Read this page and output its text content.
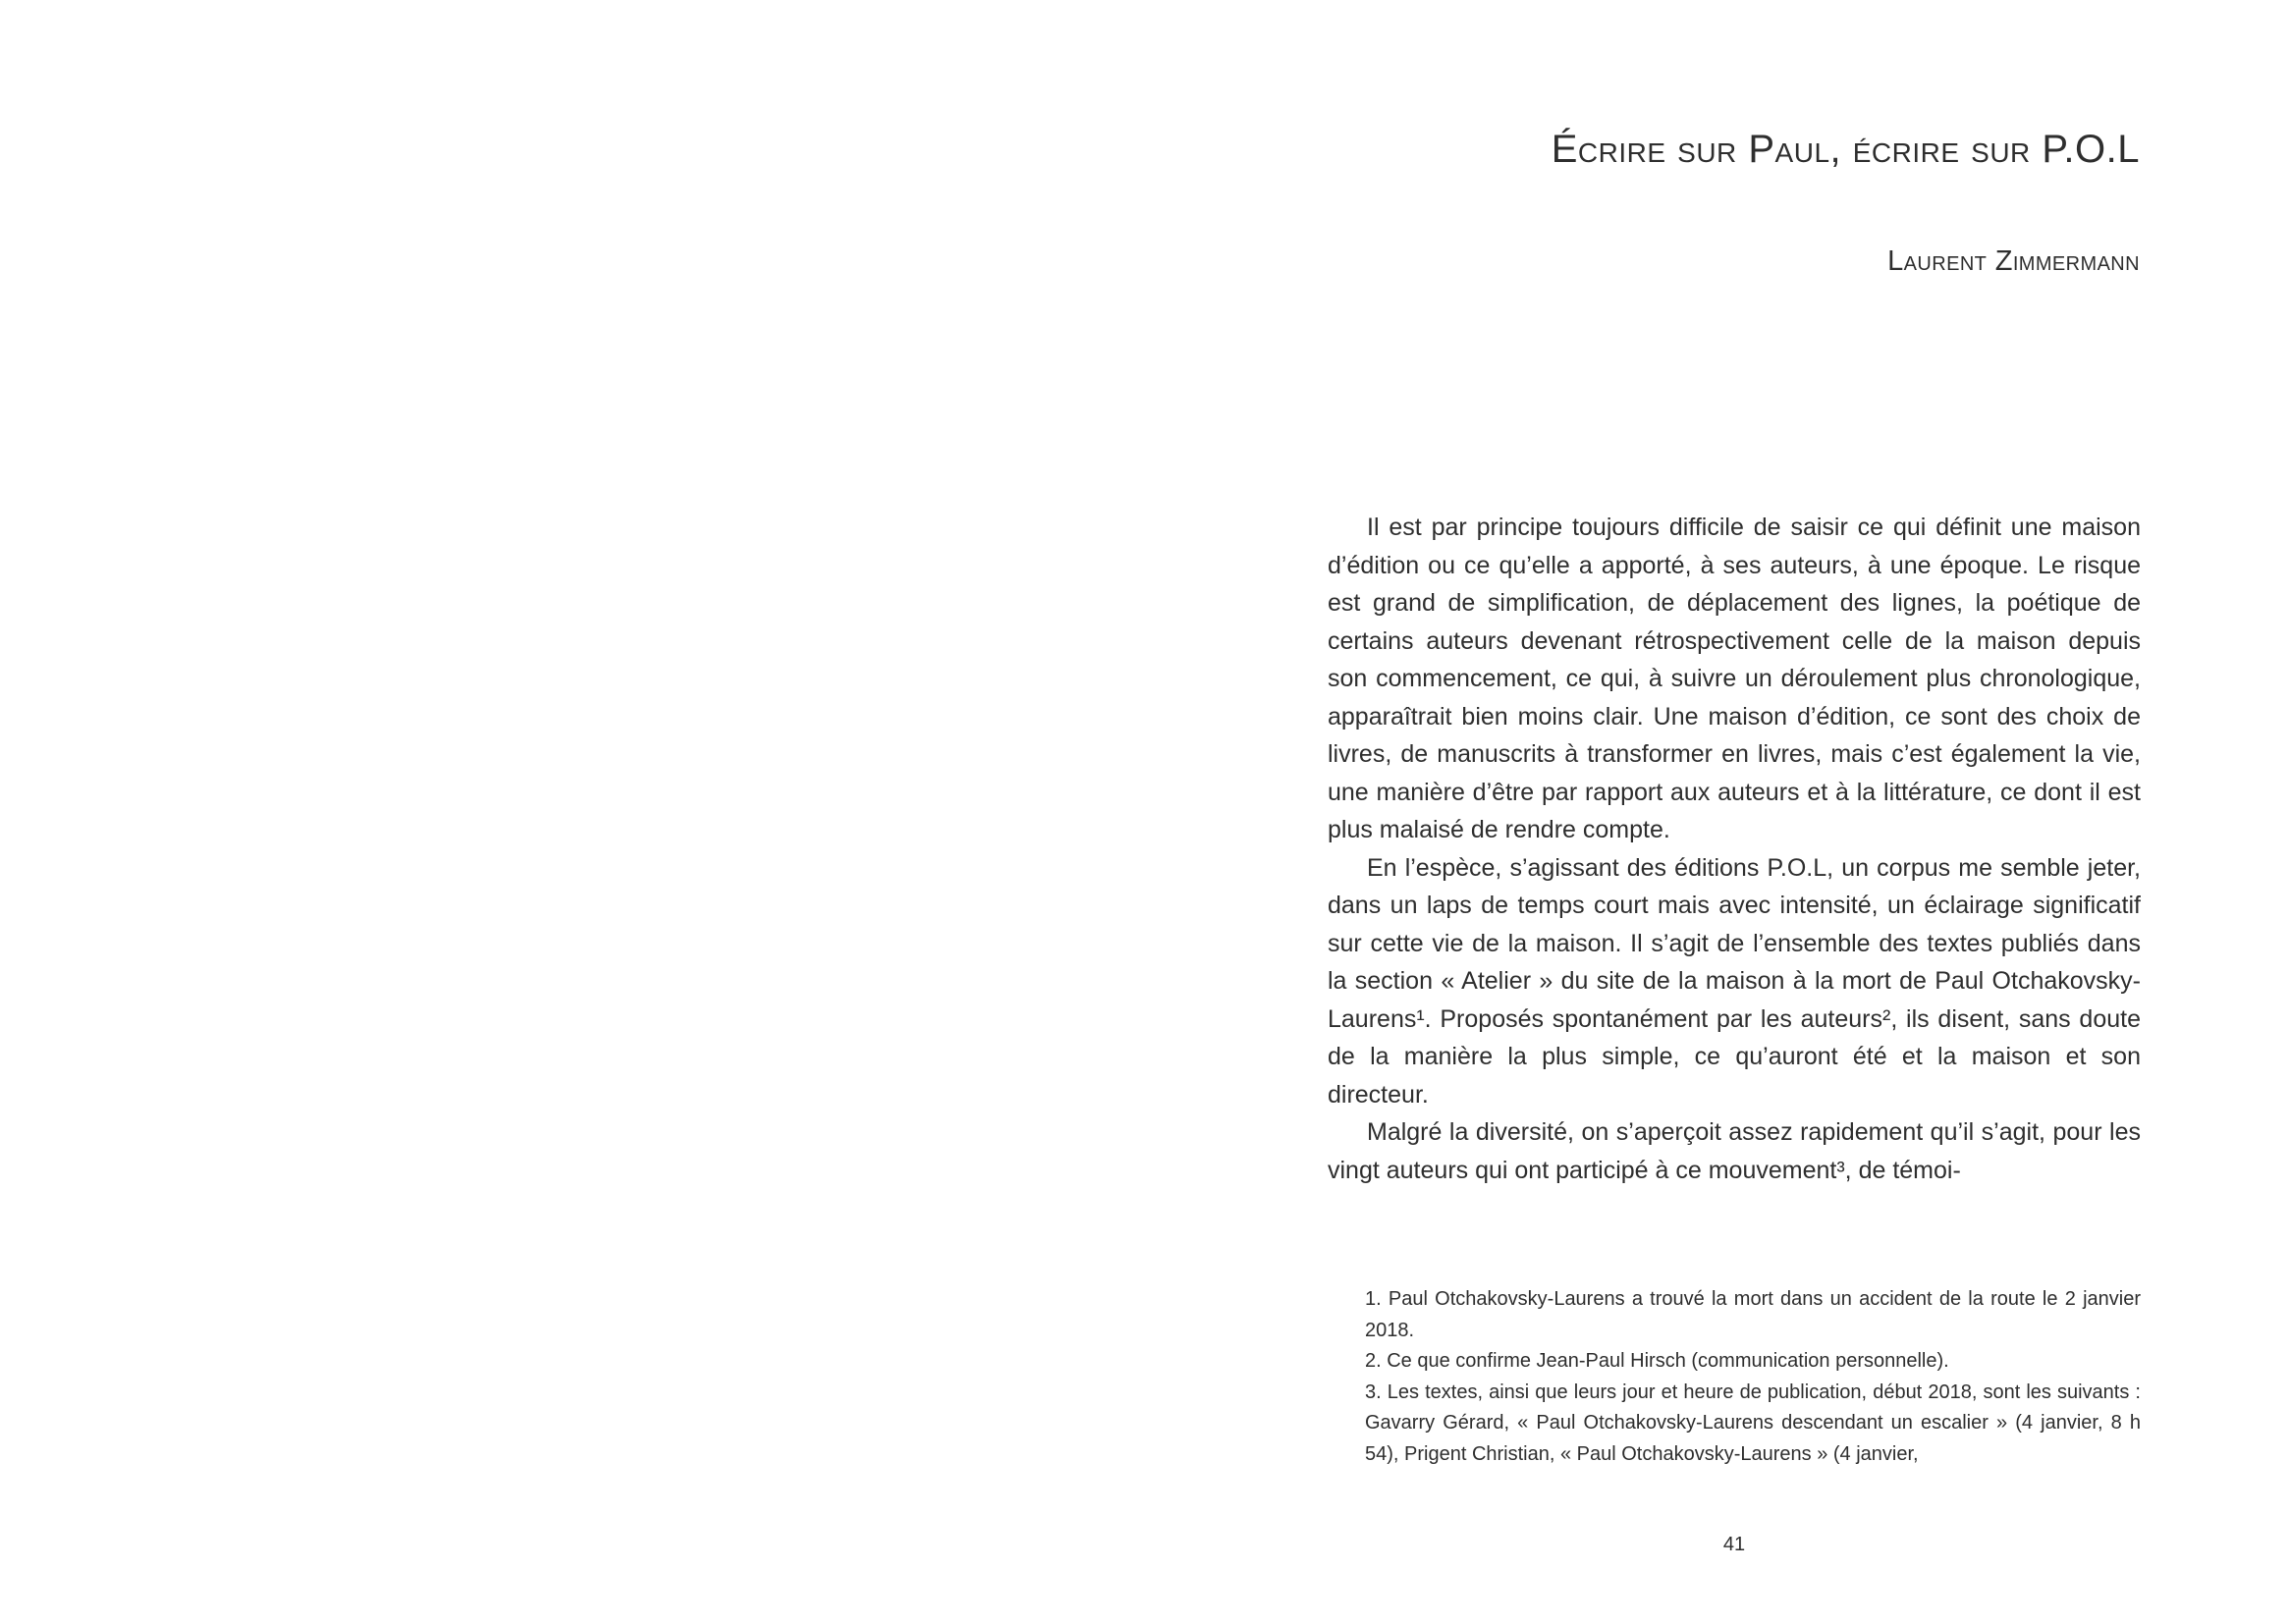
Écrire sur Paul, écrire sur P.O.L
Laurent Zimmermann

Il est par principe toujours difficile de saisir ce qui définit une maison d’édition ou ce qu’elle a apporté, à ses auteurs, à une époque. Le risque est grand de simplification, de déplacement des lignes, la poétique de certains auteurs devenant rétrospectivement celle de la maison depuis son commencement, ce qui, à suivre un déroulement plus chronologique, apparaîtrait bien moins clair. Une maison d’édition, ce sont des choix de livres, de manuscrits à transformer en livres, mais c’est également la vie, une manière d’être par rapport aux auteurs et à la littérature, ce dont il est plus malaisé de rendre compte.

En l’espèce, s’agissant des éditions P.O.L, un corpus me semble jeter, dans un laps de temps court mais avec intensité, un éclairage significatif sur cette vie de la maison. Il s’agit de l’ensemble des textes publiés dans la section « Atelier » du site de la maison à la mort de Paul Otchakovsky-Laurens¹. Proposés spontanément par les auteurs², ils disent, sans doute de la manière la plus simple, ce qu’auront été et la maison et son directeur.

Malgré la diversité, on s’aperçoit assez rapidement qu’il s’agit, pour les vingt auteurs qui ont participé à ce mouvement³, de témoi-

1. Paul Otchakovsky-Laurens a trouvé la mort dans un accident de la route le 2 janvier 2018.

2. Ce que confirme Jean-Paul Hirsch (communication personnelle).

3. Les textes, ainsi que leurs jour et heure de publication, début 2018, sont les suivants : Gavarry Gérard, « Paul Otchakovsky-Laurens descendant un escalier » (4 janvier, 8 h 54), Prigent Christian, « Paul Otchakovsky-Laurens » (4 janvier,

41
